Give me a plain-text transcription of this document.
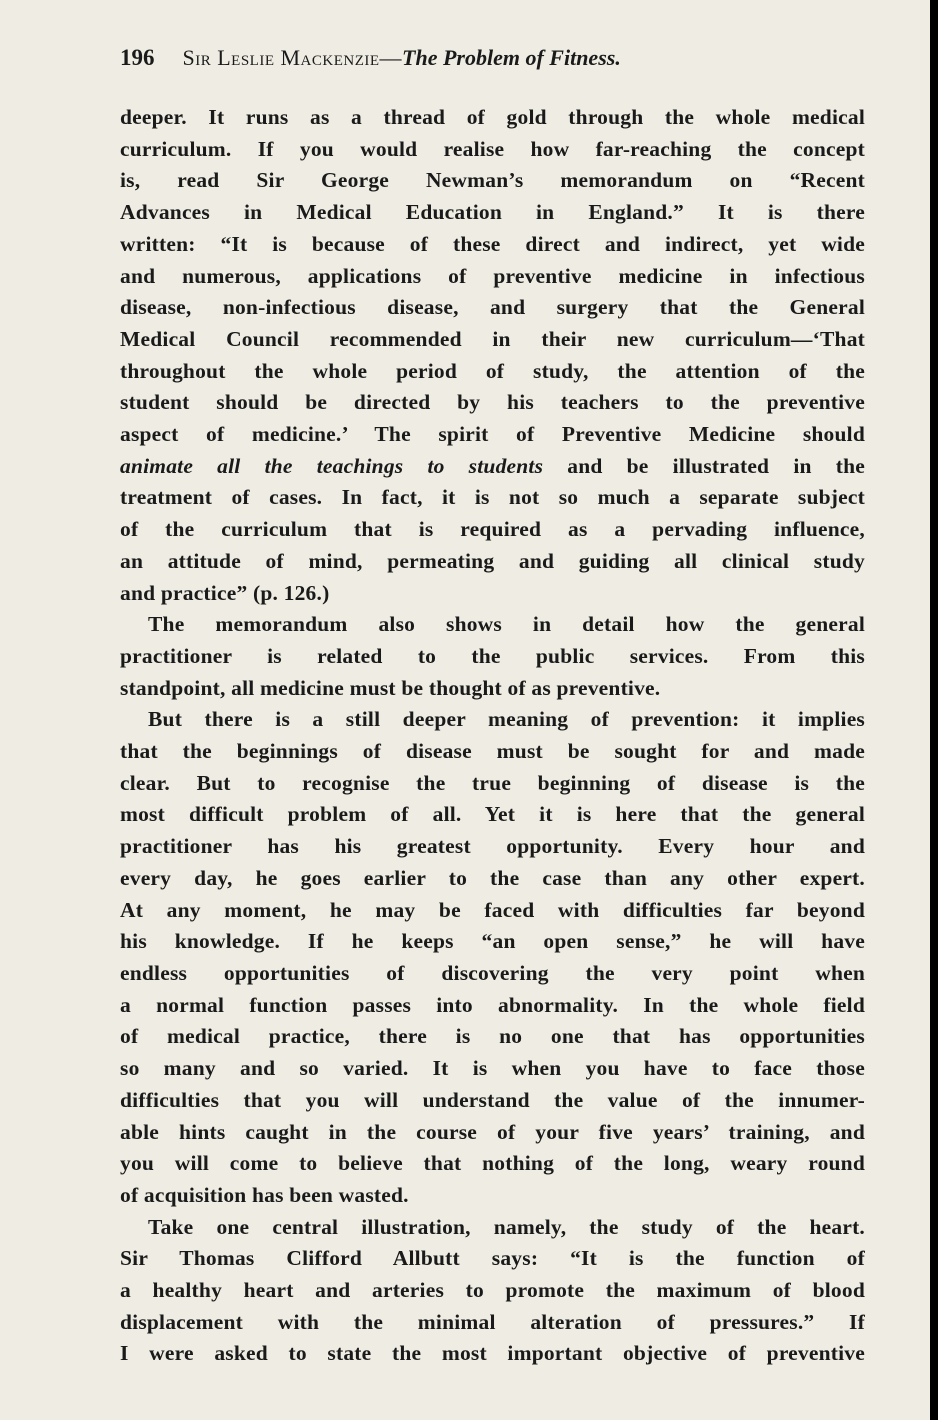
196 Sir Leslie Mackenzie—The Problem of Fitness.

deeper. It runs as a thread of gold through the whole medical
curriculum. If you would realise how far-reaching the concept
is, read Sir George Newman’s memorandum on “Recent
Advances in Medical Education in England.” It is there
written: “It is because of these direct and indirect, yet wide
and numerous, applications of preventive medicine in infectious
disease, non-infectious disease, and surgery that the General
Medical Council recommended in their new curriculum—‘That
throughout the whole period of study, the attention of the
student should be directed by his teachers to the preventive
aspect of medicine.’ The spirit of Preventive Medicine should
animate all the teachings to students and be illustrated in the
treatment of cases. In fact, it is not so much a separate subject
of the curriculum that is required as a pervading influence,
an attitude of mind, permeating and guiding all clinical study
and practice” (p. 126.)

The memorandum also shows in detail how the general
practitioner is related to the public services. From this
standpoint, all medicine must be thought of as preventive.

But there is a still deeper meaning of prevention: it implies
that the beginnings of disease must be sought for and made
clear. But to recognise the true beginning of disease is the
most difficult problem of all. Yet it is here that the general
practitioner has his greatest opportunity. Every hour and
every day, he goes earlier to the case than any other expert.
At any moment, he may be faced with difficulties far beyond
his knowledge. If he keeps “an open sense,” he will have
endless opportunities of discovering the very point when
a normal function passes into abnormality. In the whole field
of medical practice, there is no one that has opportunities
so many and so varied. It is when you have to face those
difficulties that you will understand the value of the innumer-
able hints caught in the course of your five years’ training, and
you will come to believe that nothing of the long, weary round
of acquisition has been wasted.

Take one central illustration, namely, the study of the heart.
Sir Thomas Clifford Allbutt says: “It is the function of
a healthy heart and arteries to promote the maximum of blood
displacement with the minimal alteration of pressures.” If
I were asked to state the most important objective of preventive
